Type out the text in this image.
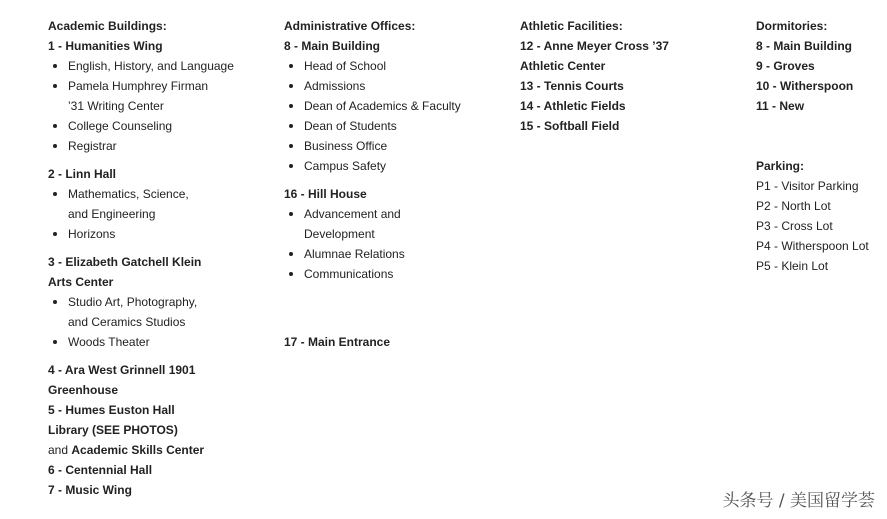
Academic Buildings:
1 - Humanities Wing
English, History, and Language
Pamela Humphrey Firman
’31 Writing Center
College Counseling
Registrar
2 - Linn Hall
Mathematics, Science,
and Engineering
Horizons
3 - Elizabeth Gatchell Klein
Arts Center
Studio Art, Photography,
and Ceramics Studios
Woods Theater
4 - Ara West Grinnell 1901
Greenhouse
5 - Humes Euston Hall
Library (SEE PHOTOS)
and Academic Skills Center
6 - Centennial Hall
7 - Music Wing
Administrative Offices:
8 - Main Building
Head of School
Admissions
Dean of Academics & Faculty
Dean of Students
Business Office
Campus Safety
16 - Hill House
Advancement and
Development
Alumnae Relations
Communications
17 - Main Entrance
Athletic Facilities:
12 - Anne Meyer Cross ’37
Athletic Center
13 - Tennis Courts
14 - Athletic Fields
15 - Softball Field
Dormitories:
8 - Main Building
9 - Groves
10 - Witherspoon
11 - New
Parking:
P1 - Visitor Parking
P2 - North Lot
P3 - Cross Lot
P4 - Witherspoon Lot
P5 - Klein Lot
头条号 / 美国留学荟
